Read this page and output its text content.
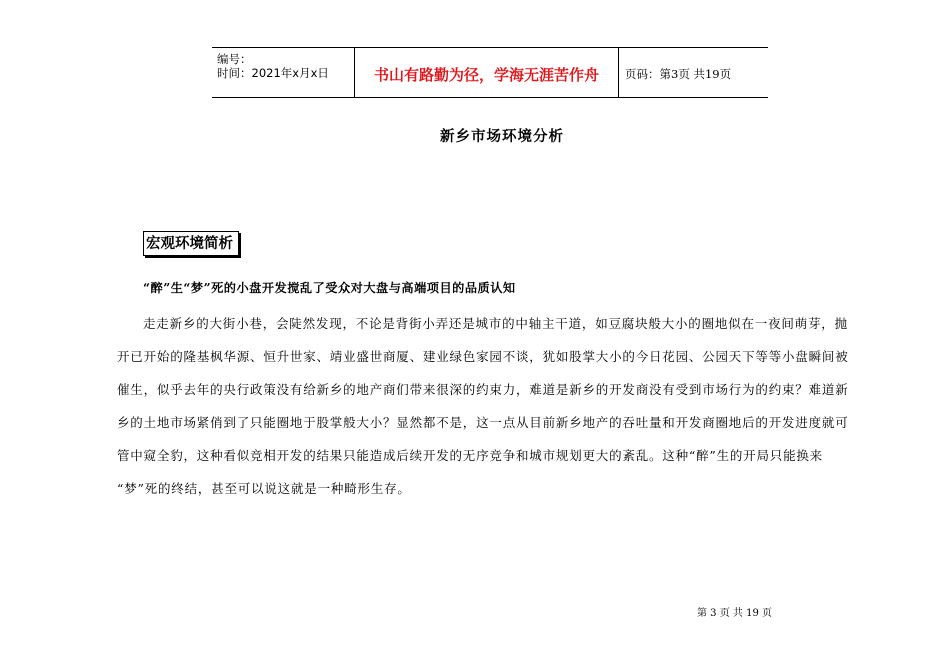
编号：
时间：2021年x月x日	书山有路勤为径，学海无涯苦作舟	页码：第3页 共19页
新乡市场环境分析
宏观环境简析
“醉”生“梦”死的小盘开发搅乱了受众对大盘与高端项目的品质认知
走走新乡的大街小巷，会陡然发现，不论是背街小弄还是城市的中轴主干道，如豆腐块般大小的圈地似在一夜间萌芽，抛
开已开始的隆基枫华源、恒升世家、靖业盛世商厦、建业绿色家园不谈，犹如股掌大小的今日花园、公园天下等等小盘瞬间被
催生，似乎去年的央行政策没有给新乡的地产商们带来很深的约束力，难道是新乡的开发商没有受到市场行为的约束？难道新
乡的土地市场紧俏到了只能圈地于股掌般大小？显然都不是，这一点从目前新乡地产的吞吐量和开发商圈地后的开发进度就可
管中窥全豹，这种看似竞相开发的结果只能造成后续开发的无序竞争和城市规划更大的紊乱。这种“醉”生的开局只能换来
“梦”死的终结，甚至可以说这就是一种畸形生存。
第 3 页 共 19 页
